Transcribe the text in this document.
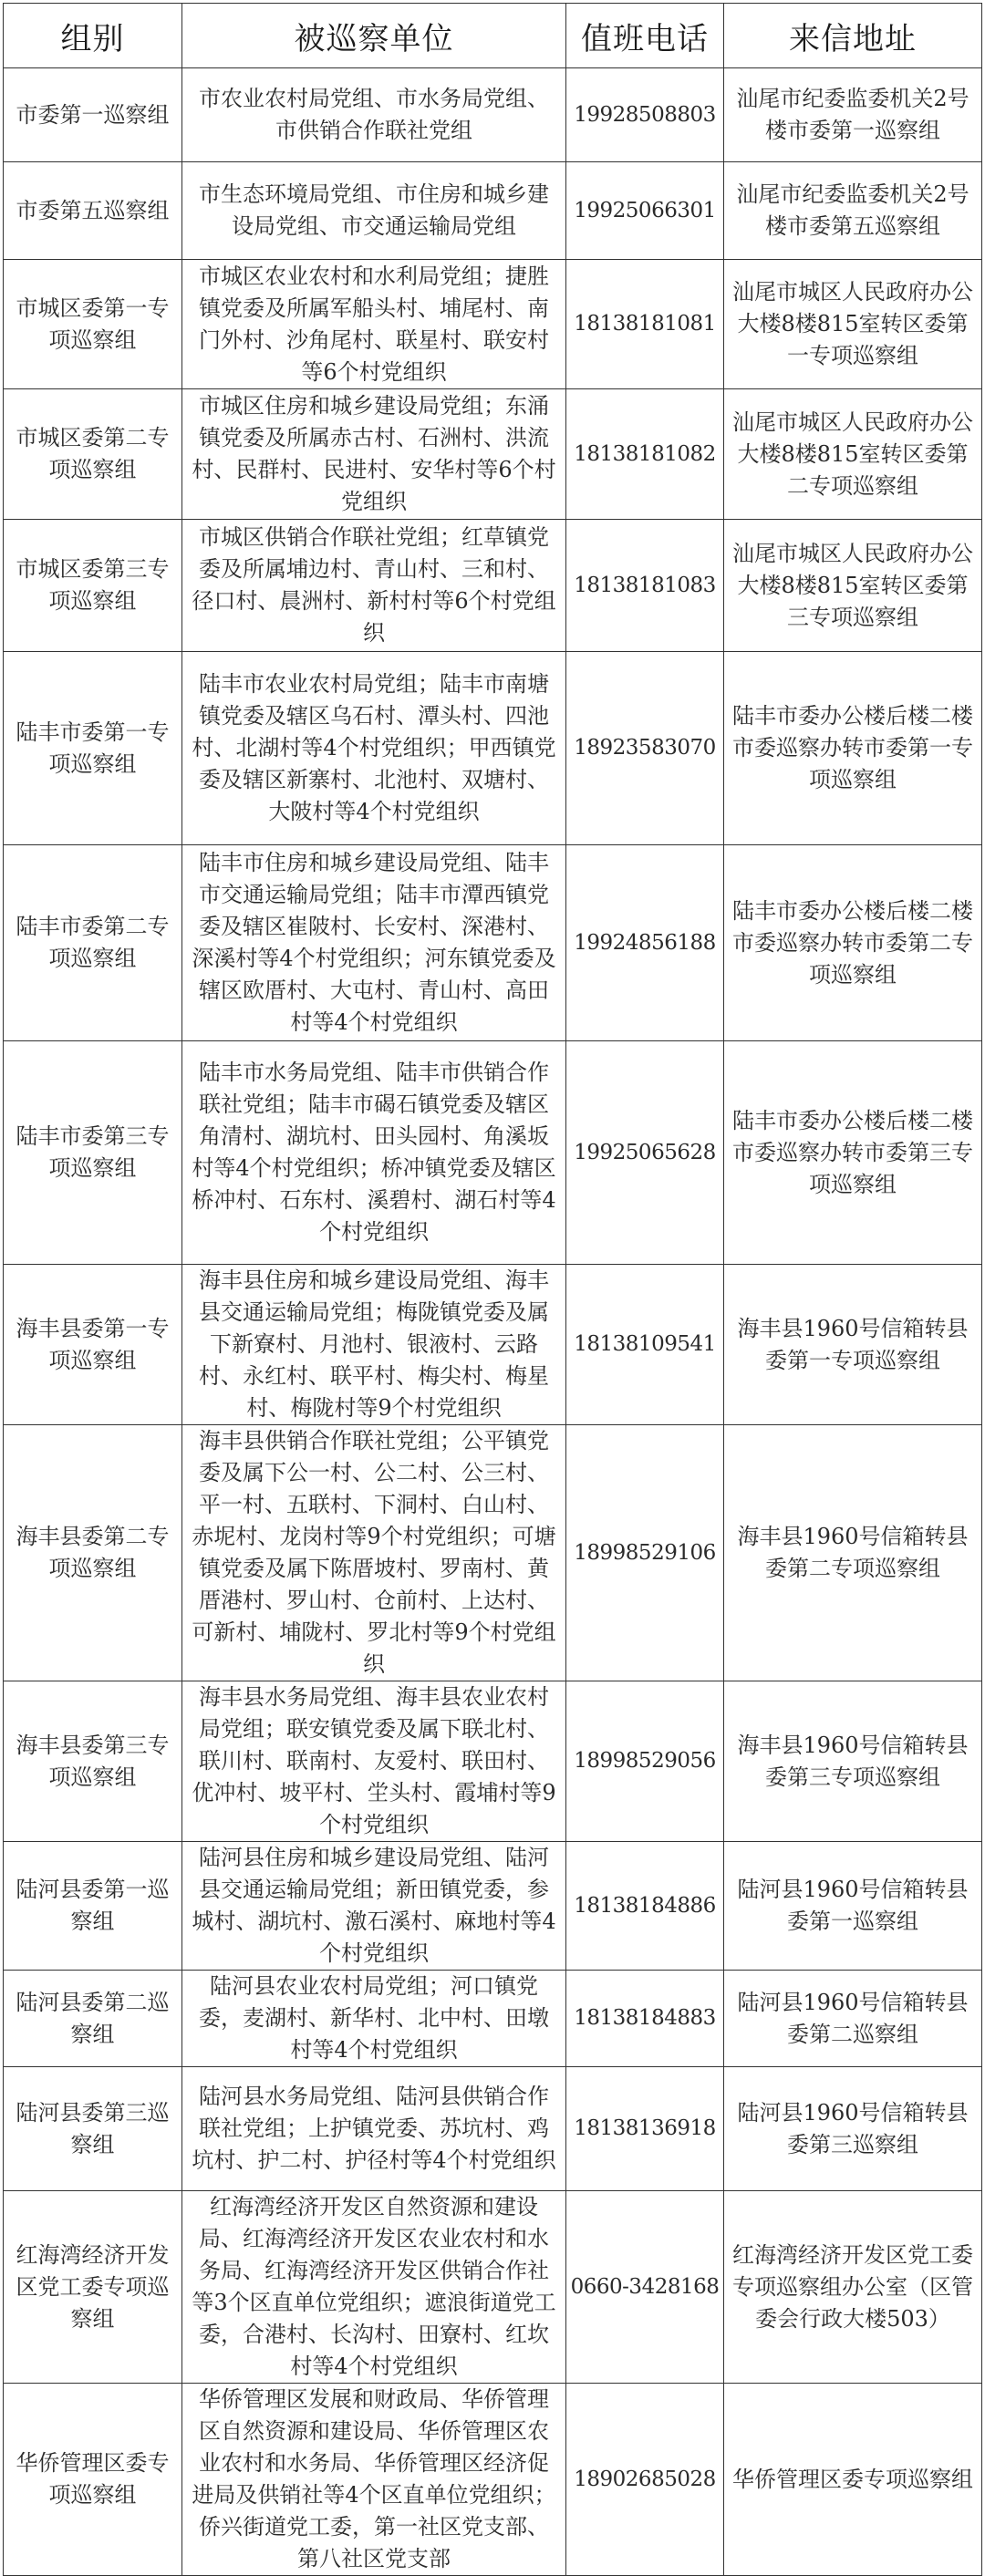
组别	被巡察单位	值班电话	来信地址
市委第一巡察组	市农业农村局党组、市水务局党组、市供销合作联社党组	19928508803	汕尾市纪委监委机关2号楼市委第一巡察组
市委第五巡察组	市生态环境局党组、市住房和城乡建设局党组、市交通运输局党组	19925066301	汕尾市纪委监委机关2号楼市委第五巡察组
市城区委第一专项巡察组	市城区农业农村和水利局党组；捷胜镇党委及所属军船头村、埔尾村、南门外村、沙角尾村、联星村、联安村等6个村党组织	18138181081	汕尾市城区人民政府办公大楼8楼815室转区委第一专项巡察组
市城区委第二专项巡察组	市城区住房和城乡建设局党组；东涌镇党委及所属赤古村、石洲村、洪流村、民群村、民进村、安华村等6个村党组织	18138181082	汕尾市城区人民政府办公大楼8楼815室转区委第二专项巡察组
市城区委第三专项巡察组	市城区供销合作联社党组；红草镇党委及所属埔边村、青山村、三和村、径口村、晨洲村、新村村等6个村党组织	18138181083	汕尾市城区人民政府办公大楼8楼815室转区委第三专项巡察组
陆丰市委第一专项巡察组	陆丰市农业农村局党组；陆丰市南塘镇党委及辖区乌石村、潭头村、四池村、北湖村等4个村党组织；甲西镇党委及辖区新寨村、北池村、双塘村、大陂村等4个村党组织	18923583070	陆丰市委办公楼后楼二楼市委巡察办转市委第一专项巡察组
陆丰市委第二专项巡察组	陆丰市住房和城乡建设局党组、陆丰市交通运输局党组；陆丰市潭西镇党委及辖区崔陂村、长安村、深港村、深溪村等4个村党组织；河东镇党委及辖区欧厝村、大屯村、青山村、高田村等4个村党组织	19924856188	陆丰市委办公楼后楼二楼市委巡察办转市委第二专项巡察组
陆丰市委第三专项巡察组	陆丰市水务局党组、陆丰市供销合作联社党组；陆丰市碣石镇党委及辖区角清村、湖坑村、田头园村、角溪坂村等4个村党组织；桥冲镇党委及辖区桥冲村、石东村、溪碧村、湖石村等4个村党组织	19925065628	陆丰市委办公楼后楼二楼市委巡察办转市委第三专项巡察组
海丰县委第一专项巡察组	海丰县住房和城乡建设局党组、海丰县交通运输局党组；梅陇镇党委及属下新寮村、月池村、银液村、云路村、永红村、联平村、梅尖村、梅星村、梅陇村等9个村党组织	18138109541	海丰县1960号信箱转县委第一专项巡察组
海丰县委第二专项巡察组	海丰县供销合作联社党组；公平镇党委及属下公一村、公二村、公三村、平一村、五联村、下洞村、白山村、赤坭村、龙岗村等9个村党组织；可塘镇党委及属下陈厝坡村、罗南村、黄厝港村、罗山村、仓前村、上达村、可新村、埔陇村、罗北村等9个村党组织	18998529106	海丰县1960号信箱转县委第二专项巡察组
海丰县委第三专项巡察组	海丰县水务局党组、海丰县农业农村局党组；联安镇党委及属下联北村、联川村、联南村、友爱村、联田村、优冲村、坡平村、坣头村、霞埔村等9个村党组织	18998529056	海丰县1960号信箱转县委第三专项巡察组
陆河县委第一巡察组	陆河县住房和城乡建设局党组、陆河县交通运输局党组；新田镇党委，参城村、湖坑村、激石溪村、麻地村等4个村党组织	18138184886	陆河县1960号信箱转县委第一巡察组
陆河县委第二巡察组	陆河县农业农村局党组；河口镇党委，麦湖村、新华村、北中村、田墩村等4个村党组织	18138184883	陆河县1960号信箱转县委第二巡察组
陆河县委第三巡察组	陆河县水务局党组、陆河县供销合作联社党组；上护镇党委、苏坑村、鸡坑村、护二村、护径村等4个村党组织	18138136918	陆河县1960号信箱转县委第三巡察组
红海湾经济开发区党工委专项巡察组	红海湾经济开发区自然资源和建设局、红海湾经济开发区农业农村和水务局、红海湾经济开发区供销合作社等3个区直单位党组织；遮浪街道党工委，合港村、长沟村、田寮村、红坎村等4个村党组织	0660-3428168	红海湾经济开发区党工委专项巡察组办公室（区管委会行政大楼503）
华侨管理区委专项巡察组	华侨管理区发展和财政局、华侨管理区自然资源和建设局、华侨管理区农业农村和水务局、华侨管理区经济促进局及供销社等4个区直单位党组织；侨兴街道党工委，第一社区党支部、第八社区党支部	18902685028	华侨管理区委专项巡察组
